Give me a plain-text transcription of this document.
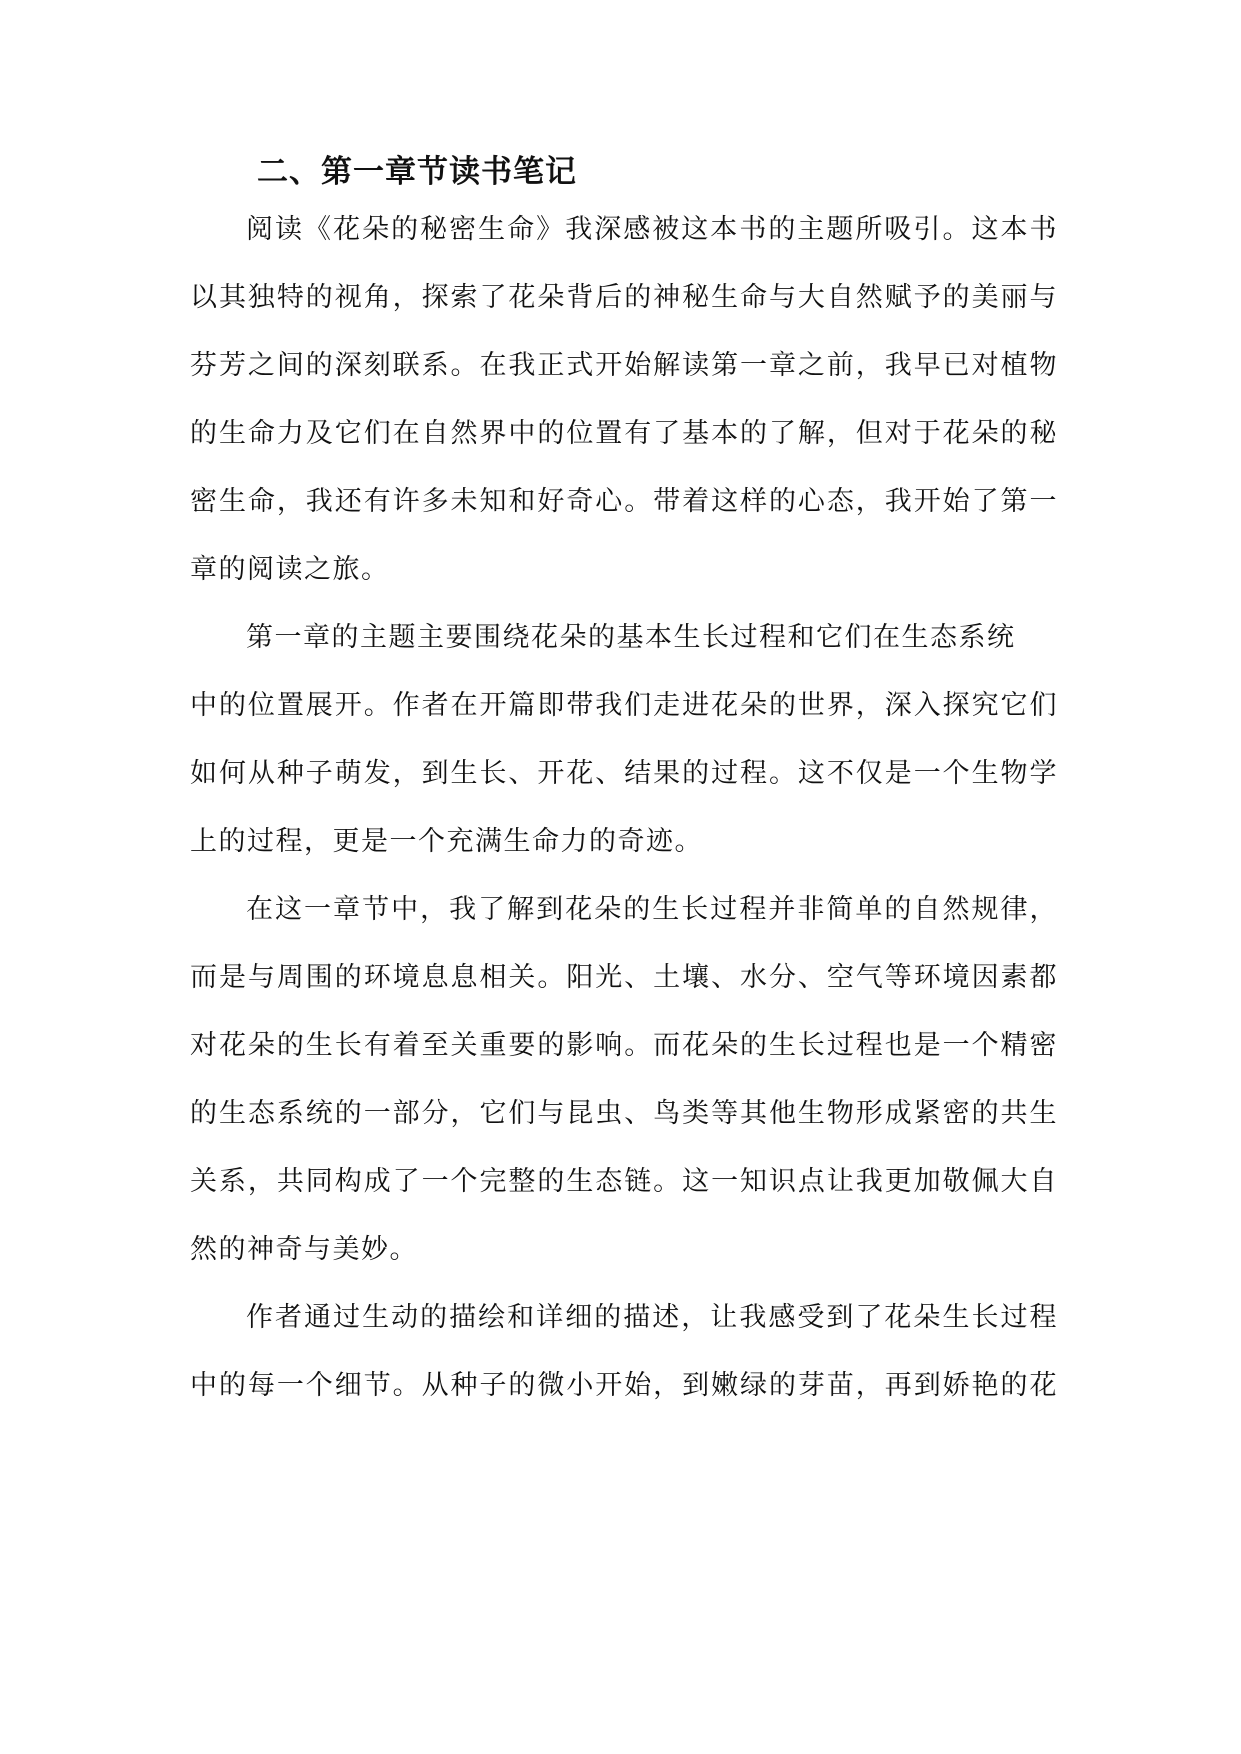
二、第一章节读书笔记

阅读《花朵的秘密生命》我深感被这本书的主题所吸引。这本书

以其独特的视角，探索了花朵背后的神秘生命与大自然赋予的美丽与

芬芳之间的深刻联系。在我正式开始解读第一章之前，我早已对植物

的生命力及它们在自然界中的位置有了基本的了解，但对于花朵的秘

密生命，我还有许多未知和好奇心。带着这样的心态，我开始了第一

章的阅读之旅。

第一章的主题主要围绕花朵的基本生长过程和它们在生态系统

中的位置展开。作者在开篇即带我们走进花朵的世界，深入探究它们

如何从种子萌发，到生长、开花、结果的过程。这不仅是一个生物学

上的过程，更是一个充满生命力的奇迹。

在这一章节中，我了解到花朵的生长过程并非简单的自然规律，

而是与周围的环境息息相关。阳光、土壤、水分、空气等环境因素都

对花朵的生长有着至关重要的影响。而花朵的生长过程也是一个精密

的生态系统的一部分，它们与昆虫、鸟类等其他生物形成紧密的共生

关系，共同构成了一个完整的生态链。这一知识点让我更加敬佩大自

然的神奇与美妙。

作者通过生动的描绘和详细的描述，让我感受到了花朵生长过程

中的每一个细节。从种子的微小开始，到嫩绿的芽苗，再到娇艳的花
